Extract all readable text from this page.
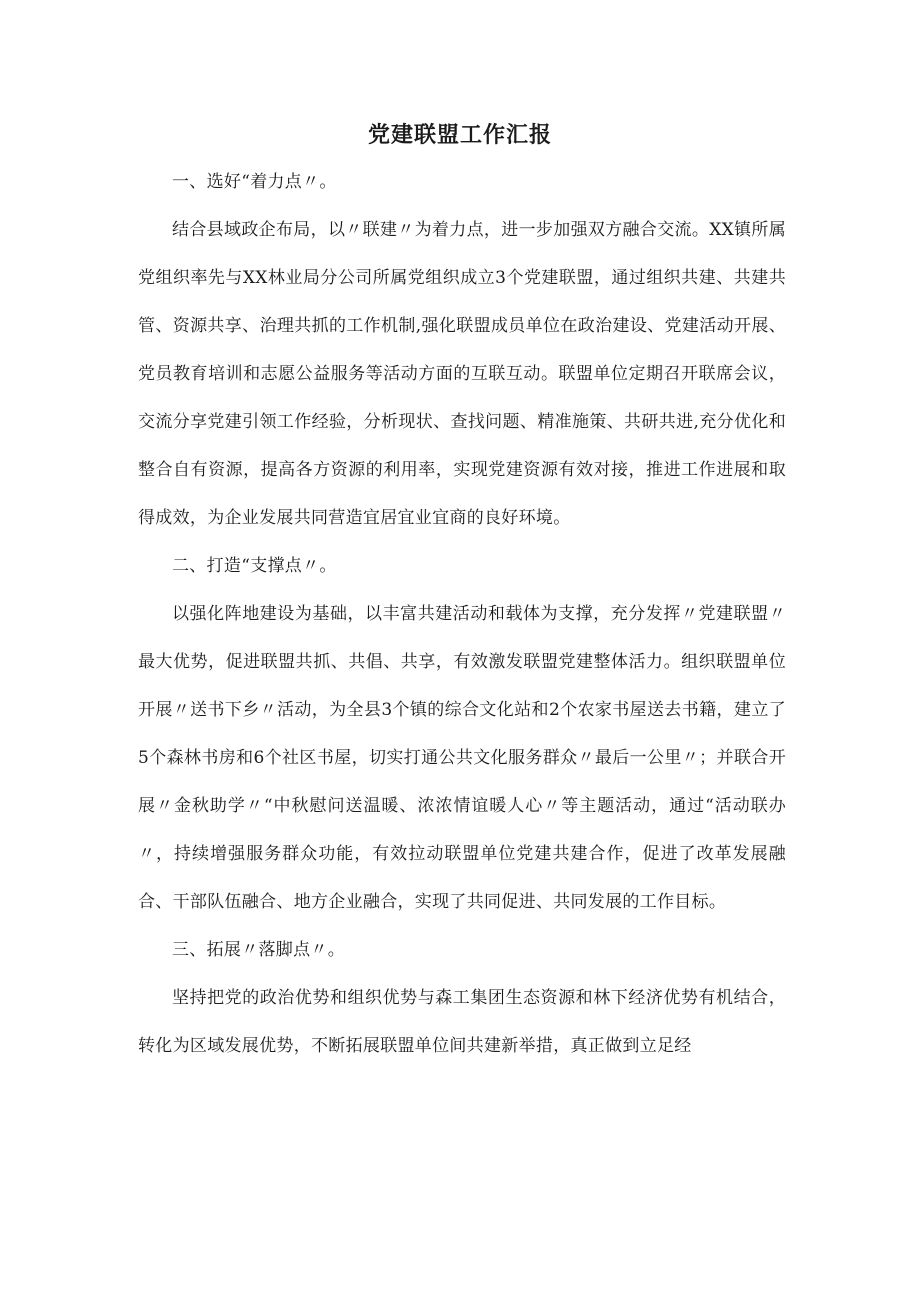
党建联盟工作汇报

一、选好“着力点〃。

结合县域政企布局，以〃联建〃为着力点，进一步加强双方融合交流。XX镇所属党组织率先与XX林业局分公司所属党组织成立3个党建联盟，通过组织共建、共建共管、资源共享、治理共抓的工作机制,强化联盟成员单位在政治建设、党建活动开展、党员教育培训和志愿公益服务等活动方面的互联互动。联盟单位定期召开联席会议，交流分享党建引领工作经验，分析现状、查找问题、精准施策、共研共进,充分优化和整合自有资源，提高各方资源的利用率，实现党建资源有效对接，推进工作进展和取得成效，为企业发展共同营造宜居宜业宜商的良好环境。

二、打造“支撑点〃。

以强化阵地建设为基础，以丰富共建活动和载体为支撑，充分发挥〃党建联盟〃最大优势，促进联盟共抓、共倡、共享，有效激发联盟党建整体活力。组织联盟单位开展〃送书下乡〃活动，为全县3个镇的综合文化站和2个农家书屋送去书籍，建立了5个森林书房和6个社区书屋，切实打通公共文化服务群众〃最后一公里〃；并联合开展〃金秋助学〃“中秋慰问送温暖、浓浓情谊暖人心〃等主题活动，通过“活动联办〃，持续增强服务群众功能，有效拉动联盟单位党建共建合作，促进了改革发展融合、干部队伍融合、地方企业融合，实现了共同促进、共同发展的工作目标。

三、拓展〃落脚点〃。

坚持把党的政治优势和组织优势与森工集团生态资源和林下经济优势有机结合，转化为区域发展优势，不断拓展联盟单位间共建新举措，真正做到立足经
